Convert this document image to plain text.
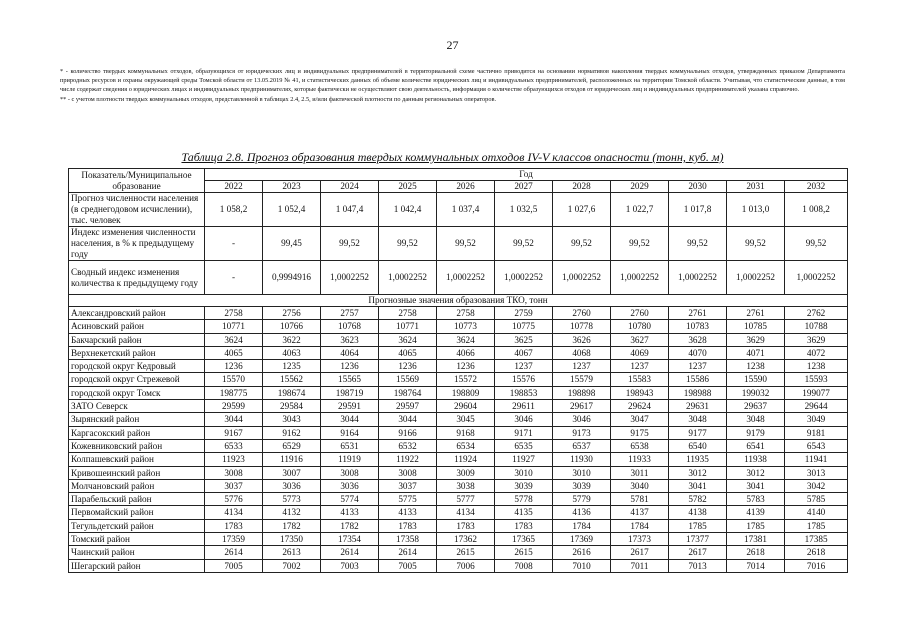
27

* - количество твердых коммунальных отходов, образующихся от юридических лиц и индивидуальных предпринимателей в территориальной схеме частично приводится на основании нормативов накопления твердых коммунальных отходов, утвержденных приказом Департамента природных ресурсов и охраны окружающей среды Томской области от 13.05.2019 № 41, и статистических данных об объеме количестве юридических лиц и индивидуальных предпринимателей, расположенных на территории Томской области. Учитывая, что статистические данные, в том числе содержат сведения о юридических лицах и индивидуальных предпринимателях, которые фактически не осуществляют свою деятельность, информация о количестве образующихся отходов от юридических лиц и индивидуальных предпринимателей указана справочно.

** - с учетом плотности твердых коммунальных отходов, представленной в таблицах 2.4, 2.5, и/или фактической плотности по данным региональных операторов.

Таблица 2.8. Прогноз образования твердых коммунальных отходов IV-V классов опасности (тонн, куб. м)
Показатель/Муниципальное образование	Год										
	2022	2023	2024	2025	2026	2027	2028	2029	2030	2031	2032
Прогноз численности населения (в среднегодовом исчислении), тыс. человек	1 058,2	1 052,4	1 047,4	1 042,4	1 037,4	1 032,5	1 027,6	1 022,7	1 017,8	1 013,0	1 008,2
Индекс изменения численности населения, в % к предыдущему году	-	99,45	99,52	99,52	99,52	99,52	99,52	99,52	99,52	99,52	99,52
Сводный индекс изменения количества к предыдущему году	-	0,9994916	1,0002252	1,0002252	1,0002252	1,0002252	1,0002252	1,0002252	1,0002252	1,0002252	1,0002252
Прогнозные значения образования ТКО, тонн											
Александровский район	2758	2756	2757	2758	2758	2759	2760	2760	2761	2761	2762
Асиновский район	10771	10766	10768	10771	10773	10775	10778	10780	10783	10785	10788
Бакчарский район	3624	3622	3623	3624	3624	3625	3626	3627	3628	3629	3629
Верхнекетский район	4065	4063	4064	4065	4066	4067	4068	4069	4070	4071	4072
городской округ Кедровый	1236	1235	1236	1236	1236	1237	1237	1237	1237	1238	1238
городской округ Стрежевой	15570	15562	15565	15569	15572	15576	15579	15583	15586	15590	15593
городской округ Томск	198775	198674	198719	198764	198809	198853	198898	198943	198988	199032	199077
ЗАТО Северск	29599	29584	29591	29597	29604	29611	29617	29624	29631	29637	29644
Зырянский район	3044	3043	3044	3044	3045	3046	3046	3047	3048	3048	3049
Каргасокский район	9167	9162	9164	9166	9168	9171	9173	9175	9177	9179	9181
Кожевниковский район	6533	6529	6531	6532	6534	6535	6537	6538	6540	6541	6543
Колпашевский район	11923	11916	11919	11922	11924	11927	11930	11933	11935	11938	11941
Кривошеинский район	3008	3007	3008	3008	3009	3010	3010	3011	3012	3012	3013
Молчановский район	3037	3036	3036	3037	3038	3039	3039	3040	3041	3041	3042
Парабельский район	5776	5773	5774	5775	5777	5778	5779	5781	5782	5783	5785
Первомайский район	4134	4132	4133	4133	4134	4135	4136	4137	4138	4139	4140
Тегульдетский район	1783	1782	1782	1783	1783	1783	1784	1784	1785	1785	1785
Томский район	17359	17350	17354	17358	17362	17365	17369	17373	17377	17381	17385
Чаинский район	2614	2613	2614	2614	2615	2615	2616	2617	2617	2618	2618
Шегарский район	7005	7002	7003	7005	7006	7008	7010	7011	7013	7014	7016
